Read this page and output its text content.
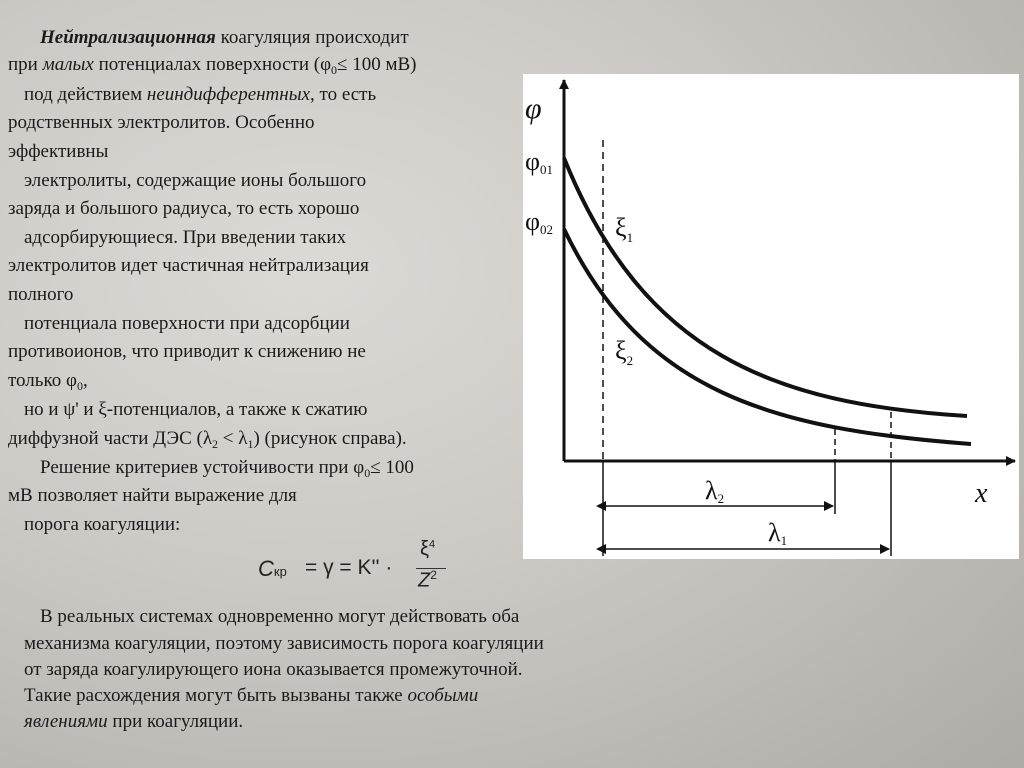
Нейтрализационная коагуляция происходит
при малых потенциалах поверхности ($\varphi_0\le 100$ мВ)
под действием неиндифферентных, то есть
родственных электролитов. Особенно
эффективны
электролиты, содержащие ионы большого
заряда и большого радиуса, то есть хорошо
адсорбирующиеся. При введении таких
электролитов идет частичная нейтрализация
полного
потенциала поверхности при адсорбции
противоионов, что приводит к снижению не
только $\varphi_0$,
но и ψ' и ξ-потенциалов, а также к сжатию
диффузной части ДЭС $(\lambda_2 < \lambda_1)$ (рисунок справа).
Решение критериев устойчивости при $\varphi_0\le 100$
мВ позволяет найти выражение для
порога коагуляции:
Cкр = γ = K'' ·
$\xi^4$
$Z^2$
φ
x
φ01
φ02 $\xi_1$
$\xi_2$
λ2
λ1
В реальных системах одновременно могут действовать оба
механизма коагуляции, поэтому зависимость порога коагуляции
от заряда коагулирующего иона оказывается промежуточной.
Такие расхождения могут быть вызваны также особыми
явлениями при коагуляции.
